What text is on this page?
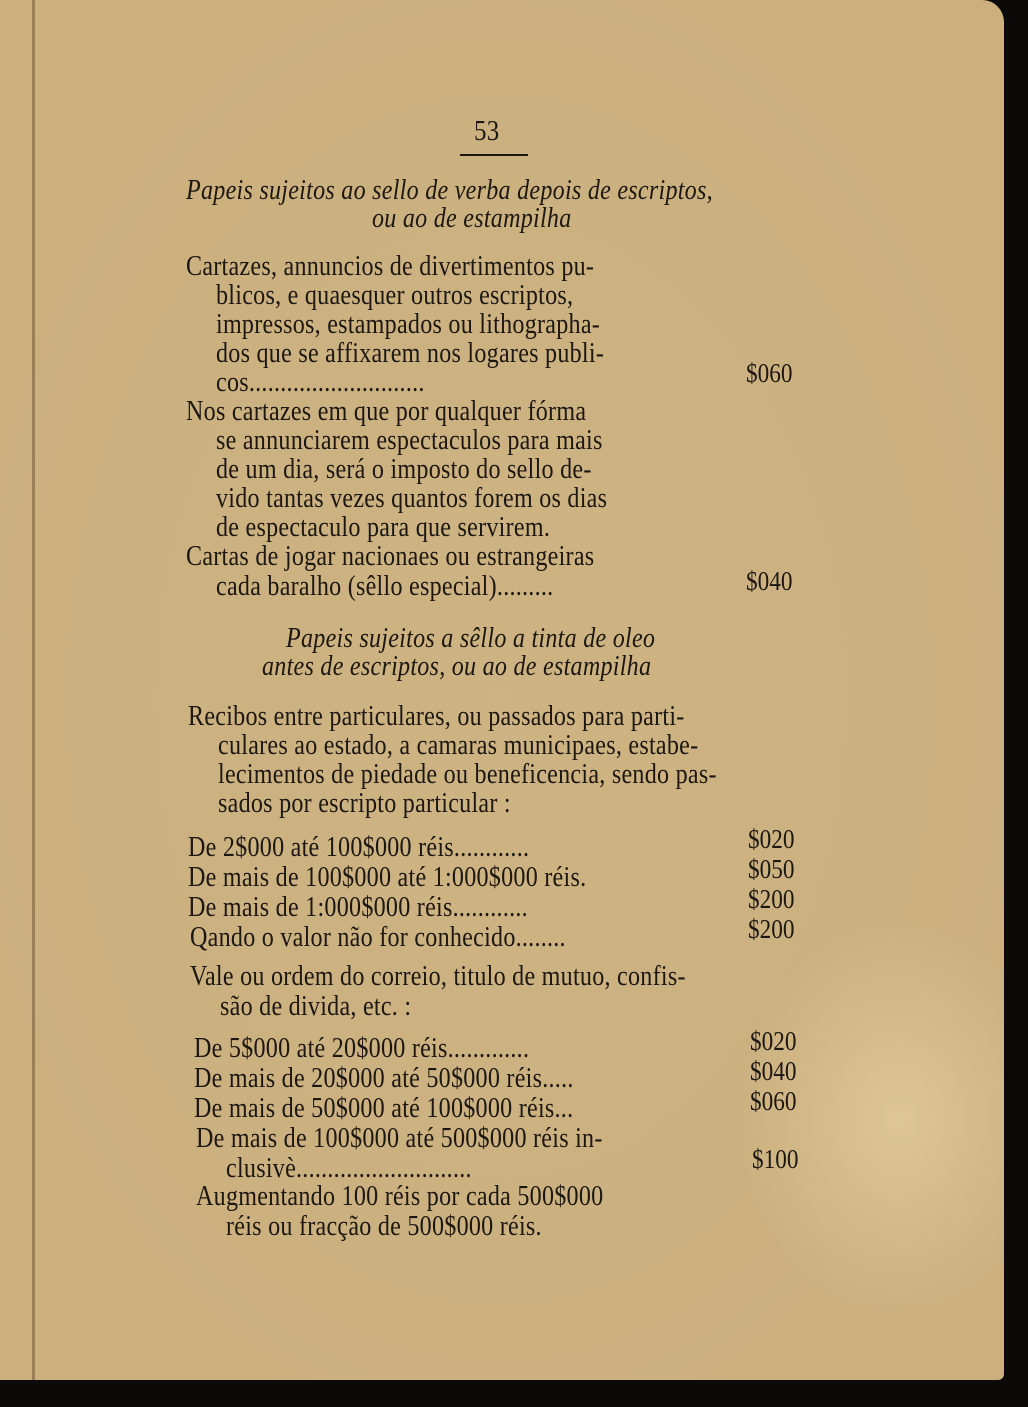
53
Papeis sujeitos ao sello de verba depois de escriptos,
ou ao de estampilha
Cartazes, annuncios de divertimentos pu-
blicos, e quaesquer outros escriptos,
impressos, estampados ou lithographa-
dos que se affixarem nos logares publi-
cos............................	$060
Nos cartazes em que por qualquer fórma
se annunciarem espectaculos para mais
de um dia, será o imposto do sello de-
vido tantas vezes quantos forem os dias
de espectaculo para que servirem.
Cartas de jogar nacionaes ou estrangeiras
cada baralho (sêllo especial).........	$040
Papeis sujeitos a sêllo a tinta de oleo
antes de escriptos, ou ao de estampilha
Recibos entre particulares, ou passados para parti-
culares ao estado, a camaras municipaes, estabe-
lecimentos de piedade ou beneficencia, sendo pas-
sados por escripto particular :
De 2$000 até 100$000 réis............	$020
De mais de 100$000 até 1:000$000 réis.	$050
De mais de 1:000$000 réis............	$200
Qando o valor não for conhecido........	$200
Vale ou ordem do correio, titulo de mutuo, confis-
são de divida, etc. :
De 5$000 até 20$000 réis.............	$020
De mais de 20$000 até 50$000 réis.....	$040
De mais de 50$000 até 100$000 réis...	$060
De mais de 100$000 até 500$000 réis in-
clusivè............................	$100
Augmentando 100 réis por cada 500$000
réis ou fracção de 500$000 réis.
